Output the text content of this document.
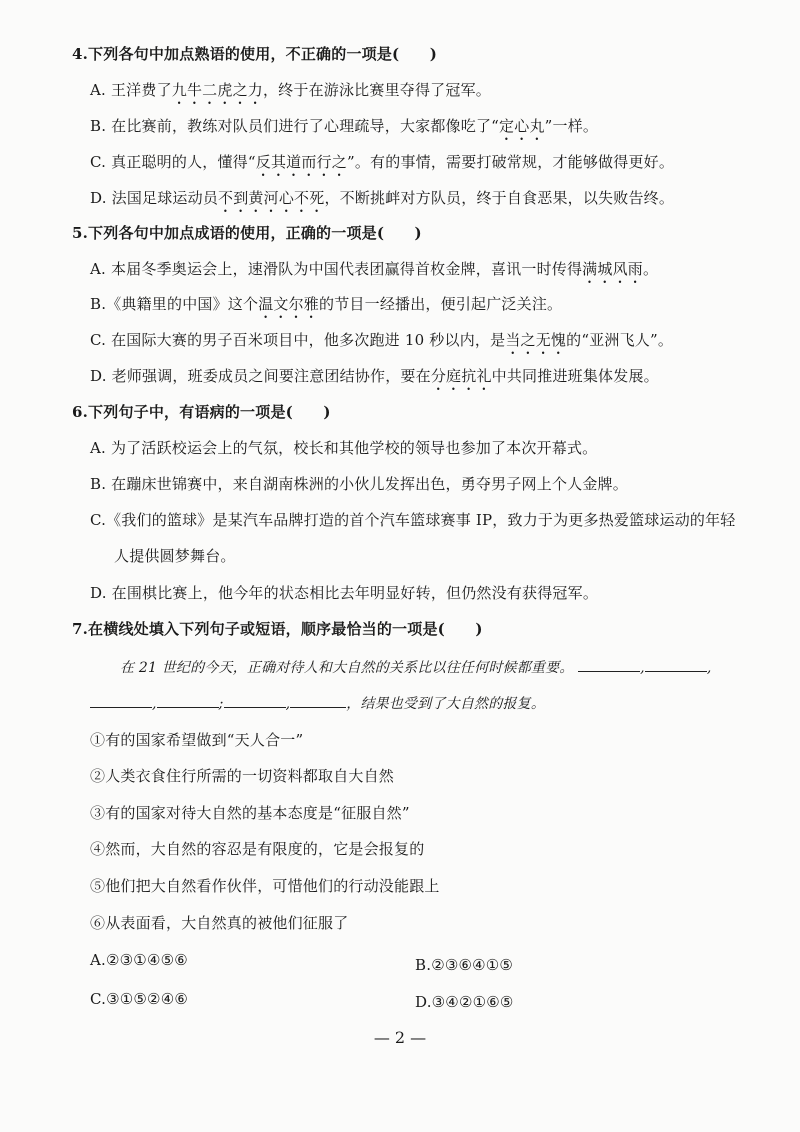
4.下列各句中加点熟语的使用，不正确的一项是(　　)
A. 王洋费了九牛二虎之力，终于在游泳比赛里夺得了冠军。
B. 在比赛前，教练对队员们进行了心理疏导，大家都像吃了“定心丸”一样。
C. 真正聪明的人，懂得“反其道而行之”。有的事情，需要打破常规，才能够做得更好。
D. 法国足球运动员不到黄河心不死，不断挑衅对方队员，终于自食恶果，以失败告终。
5.下列各句中加点成语的使用，正确的一项是(　　)
A. 本届冬季奥运会上，速滑队为中国代表团赢得首枚金牌，喜讯一时传得满城风雨。
B.《典籍里的中国》这个温文尔雅的节目一经播出，便引起广泛关注。
C. 在国际大赛的男子百米项目中，他多次跑进 10 秒以内，是当之无愧的“亚洲飞人”。
D. 老师强调，班委成员之间要注意团结协作，要在分庭抗礼中共同推进班集体发展。
6.下列句子中，有语病的一项是(　　)
A. 为了活跃校运会上的气氛，校长和其他学校的领导也参加了本次开幕式。
B. 在蹦床世锦赛中，来自湖南株洲的小伙儿发挥出色，勇夺男子网上个人金牌。
C.《我们的篮球》是某汽车品牌打造的首个汽车篮球赛事 IP，致力于为更多热爱篮球运动的年轻
人提供圆梦舞台。
D. 在围棋比赛上，他今年的状态相比去年明显好转，但仍然没有获得冠军。
7.在横线处填入下列句子或短语，顺序最恰当的一项是(　　)
在 21 世纪的今天，正确对待人和大自然的关系比以往任何时候都重要。	,	,
,	;	,	，结果也受到了大自然的报复。
①有的国家希望做到“天人合一”
②人类衣食住行所需的一切资料都取自大自然
③有的国家对待大自然的基本态度是“征服自然”
④然而，大自然的容忍是有限度的，它是会报复的
⑤他们把大自然看作伙伴，可惜他们的行动没能跟上
⑥从表面看，大自然真的被他们征服了
A.②③①④⑤⑥	B.②③⑥④①⑤
C.③①⑤②④⑥	D.③④②①⑥⑤
— 2 —
